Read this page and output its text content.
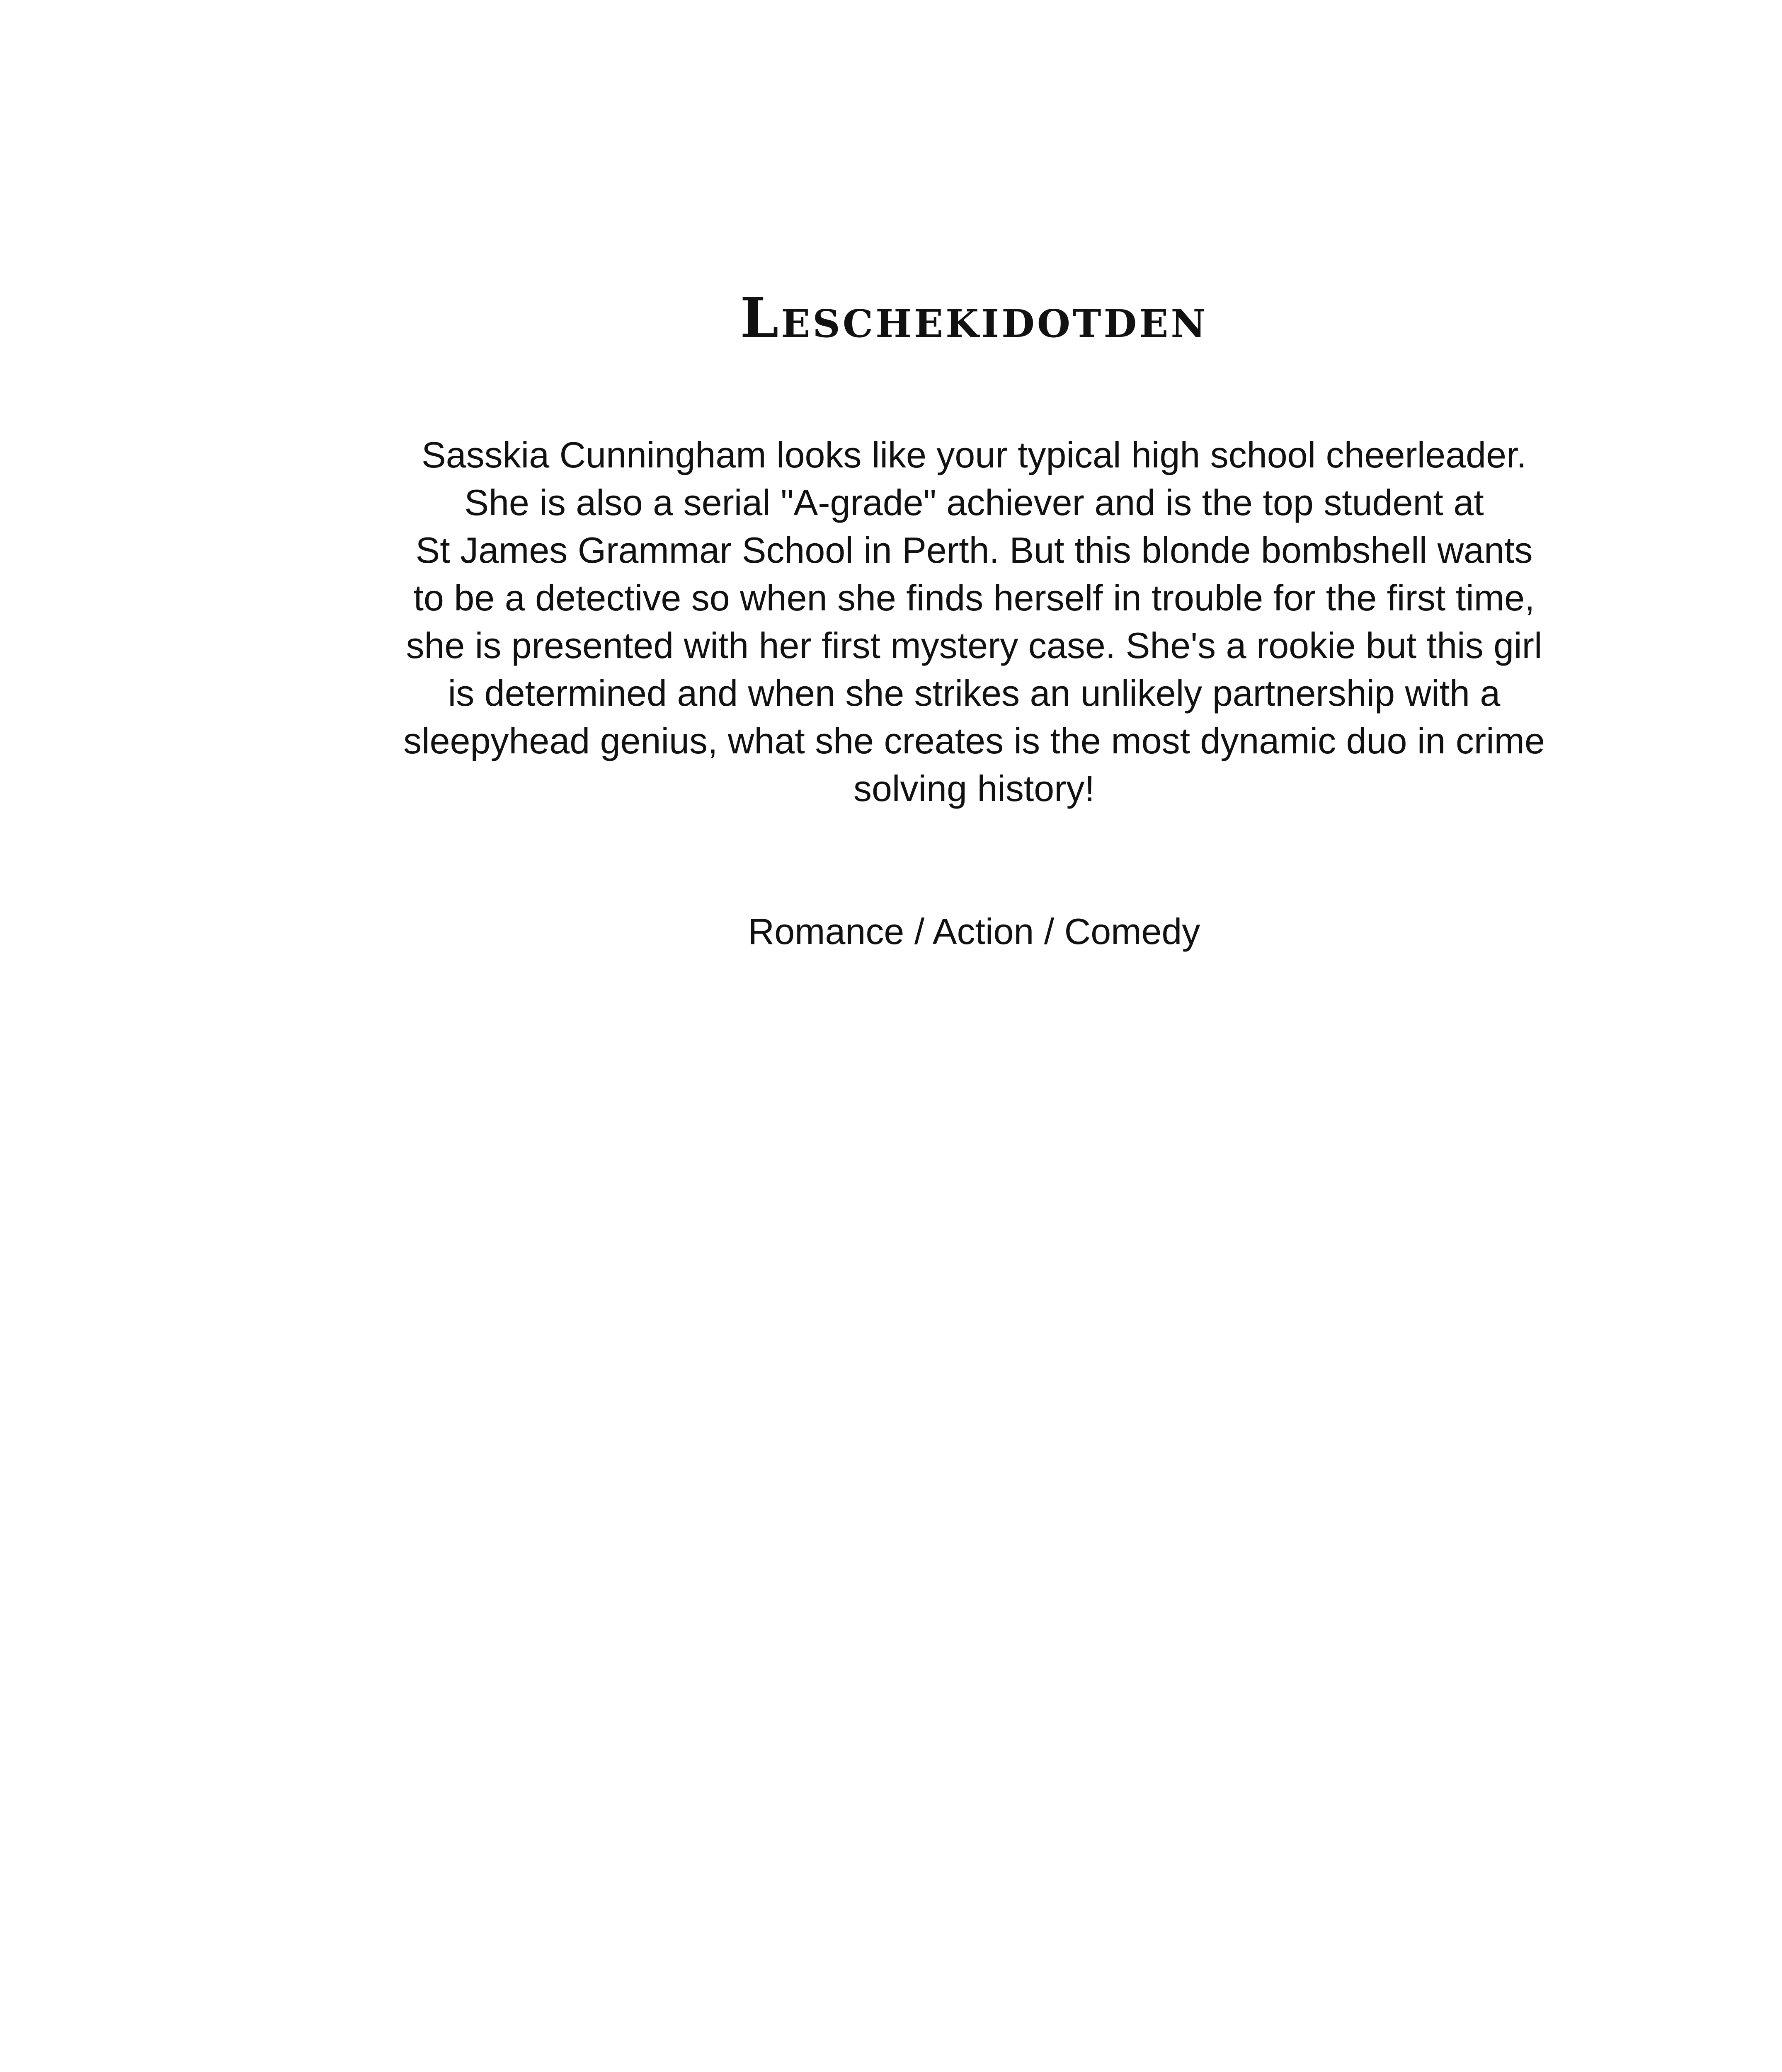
Leschekidotden

Sasskia Cunningham looks like your typical high school cheerleader.
She is also a serial "A-grade" achiever and is the top student at
St James Grammar School in Perth. But this blonde bombshell wants
to be a detective so when she finds herself in trouble for the first time,
she is presented with her first mystery case. She's a rookie but this girl
is determined and when she strikes an unlikely partnership with a
sleepyhead genius, what she creates is the most dynamic duo in crime
solving history!

Romance / Action / Comedy
